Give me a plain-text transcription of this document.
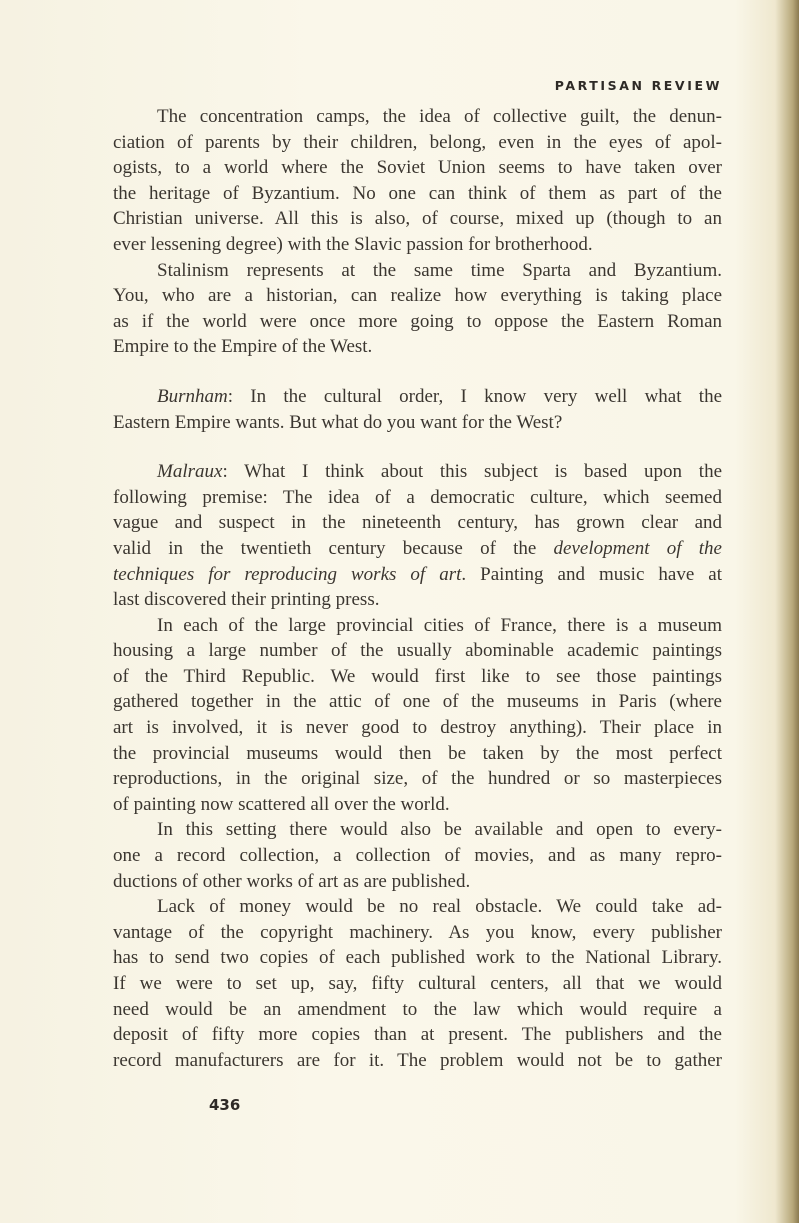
PARTISAN REVIEW
The concentration camps, the idea of collective guilt, the denun-
ciation of parents by their children, belong, even in the eyes of apol-
ogists, to a world where the Soviet Union seems to have taken over
the heritage of Byzantium. No one can think of them as part of the
Christian universe. All this is also, of course, mixed up (though to an
ever lessening degree) with the Slavic passion for brotherhood.
Stalinism represents at the same time Sparta and Byzantium.
You, who are a historian, can realize how everything is taking place
as if the world were once more going to oppose the Eastern Roman
Empire to the Empire of the West.
Burnham: In the cultural order, I know very well what the
Eastern Empire wants. But what do you want for the West?
Malraux: What I think about this subject is based upon the
following premise: The idea of a democratic culture, which seemed
vague and suspect in the nineteenth century, has grown clear and
valid in the twentieth century because of the development of the
techniques for reproducing works of art. Painting and music have at
last discovered their printing press.
In each of the large provincial cities of France, there is a museum
housing a large number of the usually abominable academic paintings
of the Third Republic. We would first like to see those paintings
gathered together in the attic of one of the museums in Paris (where
art is involved, it is never good to destroy anything). Their place in
the provincial museums would then be taken by the most perfect
reproductions, in the original size, of the hundred or so masterpieces
of painting now scattered all over the world.
In this setting there would also be available and open to every-
one a record collection, a collection of movies, and as many repro-
ductions of other works of art as are published.
Lack of money would be no real obstacle. We could take ad-
vantage of the copyright machinery. As you know, every publisher
has to send two copies of each published work to the National Library.
If we were to set up, say, fifty cultural centers, all that we would
need would be an amendment to the law which would require a
deposit of fifty more copies than at present. The publishers and the
record manufacturers are for it. The problem would not be to gather
436
